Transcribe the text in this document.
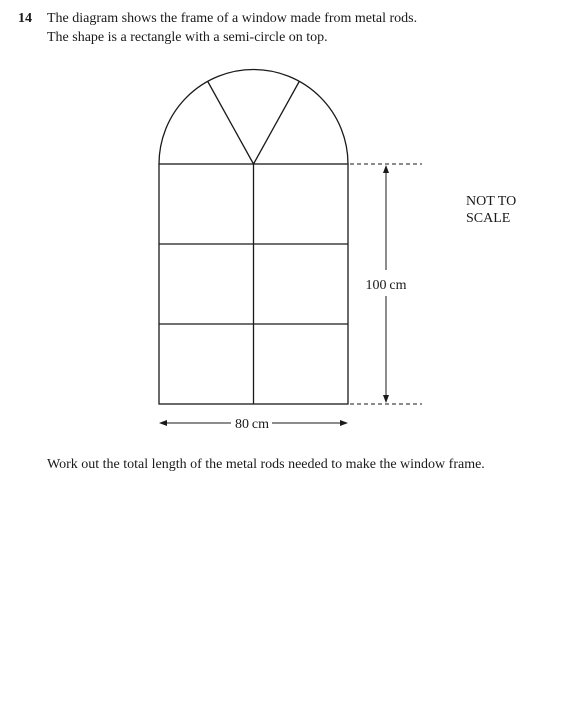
14 The diagram shows the frame of a window made from metal rods.
The shape is a rectangle with a semi-circle on top.
100 cm
80 cm
NOT TO
SCALE
Work out the total length of the metal rods needed to make the window frame.
